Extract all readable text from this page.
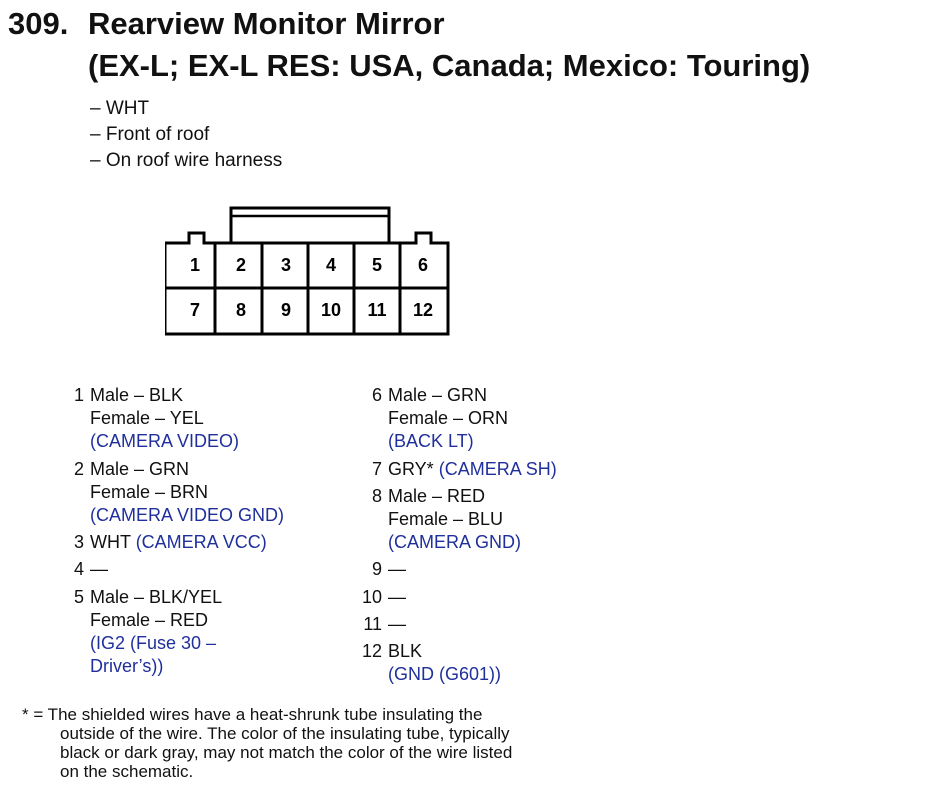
309. Rearview Monitor Mirror
(EX-L; EX-L RES: USA, Canada; Mexico: Touring)
– WHT
– Front of roof
– On roof wire harness
1 2 3 4 5 6
7 8 9 10 11 12
1 Male – BLK
Female – YEL
(CAMERA VIDEO)
2 Male – GRN
Female – BRN
(CAMERA VIDEO GND)
3 WHT (CAMERA VCC)
4 —
5 Male – BLK/YEL
Female – RED
(IG2 (Fuse 30 –
Driver’s))
6 Male – GRN
Female – ORN
(BACK LT)
7 GRY* (CAMERA SH)
8 Male – RED
Female – BLU
(CAMERA GND)
9 —
10 —
11 —
12 BLK
(GND (G601))
* = The shielded wires have a heat-shrunk tube insulating the
outside of the wire. The color of the insulating tube, typically
black or dark gray, may not match the color of the wire listed
on the schematic.
